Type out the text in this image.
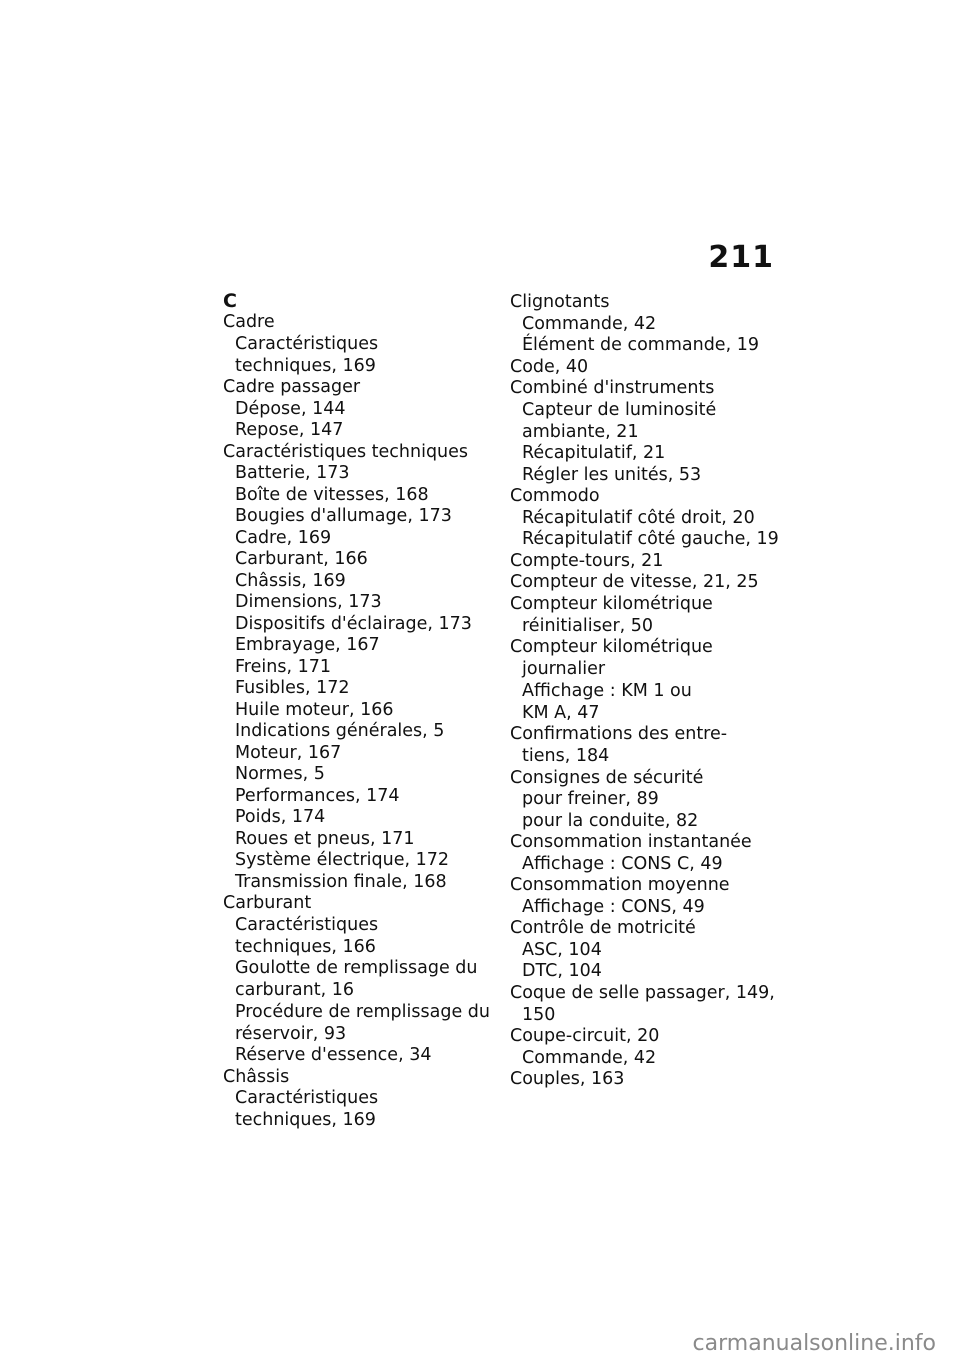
211
C
Cadre
Caractéristiques
techniques, 169
Cadre passager
Dépose, 144
Repose, 147
Caractéristiques techniques
Batterie, 173
Boîte de vitesses, 168
Bougies d'allumage, 173
Cadre, 169
Carburant, 166
Châssis, 169
Dimensions, 173
Dispositifs d'éclairage, 173
Embrayage, 167
Freins, 171
Fusibles, 172
Huile moteur, 166
Indications générales, 5
Moteur, 167
Normes, 5
Performances, 174
Poids, 174
Roues et pneus, 171
Système électrique, 172
Transmission finale, 168
Carburant
Caractéristiques
techniques, 166
Goulotte de remplissage du
carburant, 16
Procédure de remplissage du
réservoir, 93
Réserve d'essence, 34
Châssis
Caractéristiques
techniques, 169
Clignotants
Commande, 42
Élément de commande, 19
Code, 40
Combiné d'instruments
Capteur de luminosité
ambiante, 21
Récapitulatif, 21
Régler les unités, 53
Commodo
Récapitulatif côté droit, 20
Récapitulatif côté gauche, 19
Compte-tours, 21
Compteur de vitesse, 21, 25
Compteur kilométrique
réinitialiser, 50
Compteur kilométrique
journalier
Affichage : KM 1 ou
KM A, 47
Confirmations des entre-
tiens, 184
Consignes de sécurité
pour freiner, 89
pour la conduite, 82
Consommation instantanée
Affichage : CONS C, 49
Consommation moyenne
Affichage : CONS, 49
Contrôle de motricité
ASC, 104
DTC, 104
Coque de selle passager, 149,
150
Coupe-circuit, 20
Commande, 42
Couples, 163
carmanualsonline.info
